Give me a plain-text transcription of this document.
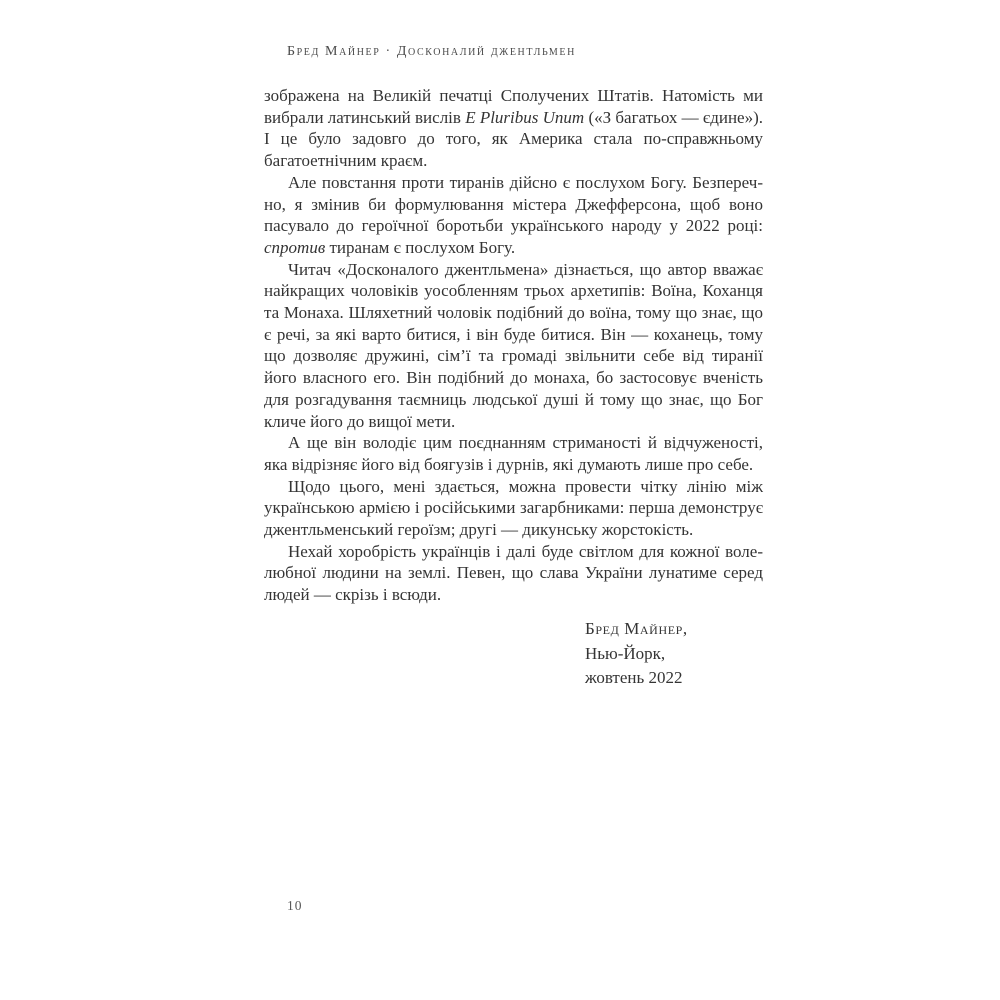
Бред Майнер · Досконалий джентльмен

зображена на Великій печатці Сполучених Штатів. Натомість ми вибрали латинський вислів E Pluribus Unum («З багатьох — єдине»). І це було задовго до того, як Америка стала по-справжньому багатоетнічним краєм.

Але повстання проти тиранів дійсно є послухом Богу. Безперечно, я змінив би формулювання містера Джефферсона, щоб воно пасувало до героїчної боротьби українського народу у 2022 році: спротив тиранам є послухом Богу.

Читач «Досконалого джентльмена» дізнається, що автор вважає найкращих чоловіків уособленням трьох архетипів: Воїна, Коханця та Монаха. Шляхетний чоловік подібний до воїна, тому що знає, що є речі, за які варто битися, і він буде битися. Він — коханець, тому що дозволяє дружині, сім’ї та громаді звільнити себе від тиранії його власного его. Він подібний до монаха, бо застосовує вченість для розгадування таємниць людської душі й тому що знає, що Бог кличе його до вищої мети.

А ще він володіє цим поєднанням стриманості й відчуженості, яка відрізняє його від боягузів і дурнів, які думають лише про себе.

Щодо цього, мені здається, можна провести чітку лінію між українською армією і російськими загарбниками: перша демонструє джентльменський героїзм; другі — дикунську жорстокість.

Нехай хоробрість українців і далі буде світлом для кожної волелюбної людини на землі. Певен, що слава України лунатиме серед людей — скрізь і всюди.

Бред Майнер,
Нью-Йорк,
жовтень 2022
10
